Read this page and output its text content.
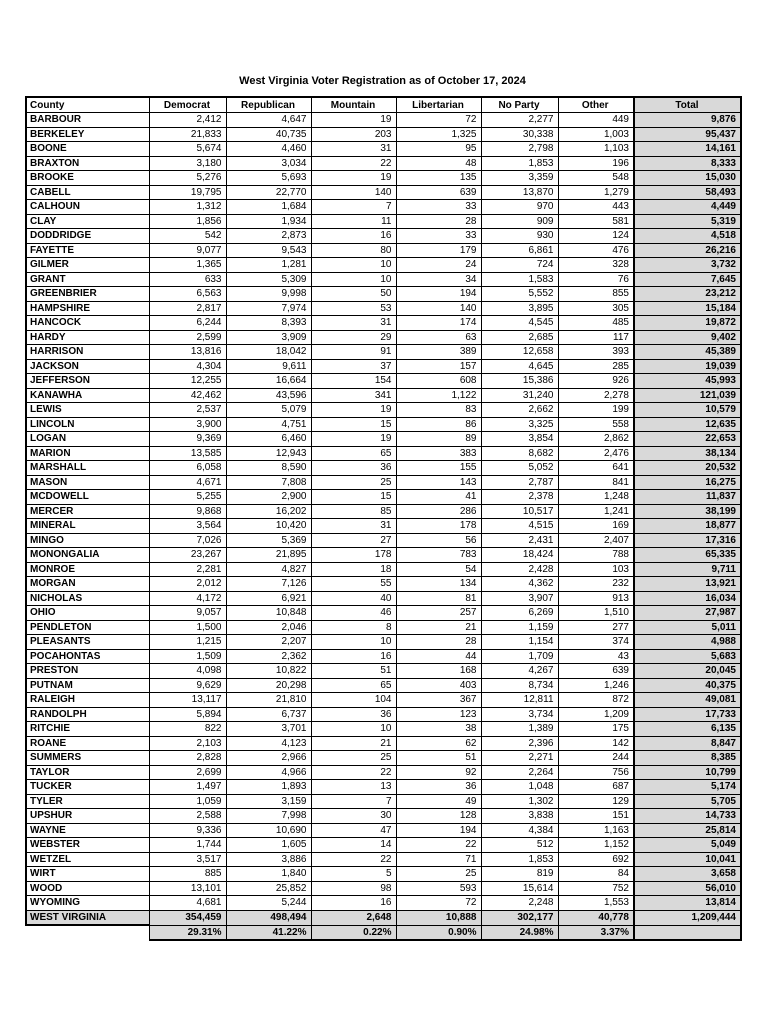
West Virginia Voter Registration as of October 17, 2024
County	Democrat	Republican	Mountain	Libertarian	No Party	Other	Total
BARBOUR	2,412	4,647	19	72	2,277	449	9,876
BERKELEY	21,833	40,735	203	1,325	30,338	1,003	95,437
BOONE	5,674	4,460	31	95	2,798	1,103	14,161
BRAXTON	3,180	3,034	22	48	1,853	196	8,333
BROOKE	5,276	5,693	19	135	3,359	548	15,030
CABELL	19,795	22,770	140	639	13,870	1,279	58,493
CALHOUN	1,312	1,684	7	33	970	443	4,449
CLAY	1,856	1,934	11	28	909	581	5,319
DODDRIDGE	542	2,873	16	33	930	124	4,518
FAYETTE	9,077	9,543	80	179	6,861	476	26,216
GILMER	1,365	1,281	10	24	724	328	3,732
GRANT	633	5,309	10	34	1,583	76	7,645
GREENBRIER	6,563	9,998	50	194	5,552	855	23,212
HAMPSHIRE	2,817	7,974	53	140	3,895	305	15,184
HANCOCK	6,244	8,393	31	174	4,545	485	19,872
HARDY	2,599	3,909	29	63	2,685	117	9,402
HARRISON	13,816	18,042	91	389	12,658	393	45,389
JACKSON	4,304	9,611	37	157	4,645	285	19,039
JEFFERSON	12,255	16,664	154	608	15,386	926	45,993
KANAWHA	42,462	43,596	341	1,122	31,240	2,278	121,039
LEWIS	2,537	5,079	19	83	2,662	199	10,579
LINCOLN	3,900	4,751	15	86	3,325	558	12,635
LOGAN	9,369	6,460	19	89	3,854	2,862	22,653
MARION	13,585	12,943	65	383	8,682	2,476	38,134
MARSHALL	6,058	8,590	36	155	5,052	641	20,532
MASON	4,671	7,808	25	143	2,787	841	16,275
MCDOWELL	5,255	2,900	15	41	2,378	1,248	11,837
MERCER	9,868	16,202	85	286	10,517	1,241	38,199
MINERAL	3,564	10,420	31	178	4,515	169	18,877
MINGO	7,026	5,369	27	56	2,431	2,407	17,316
MONONGALIA	23,267	21,895	178	783	18,424	788	65,335
MONROE	2,281	4,827	18	54	2,428	103	9,711
MORGAN	2,012	7,126	55	134	4,362	232	13,921
NICHOLAS	4,172	6,921	40	81	3,907	913	16,034
OHIO	9,057	10,848	46	257	6,269	1,510	27,987
PENDLETON	1,500	2,046	8	21	1,159	277	5,011
PLEASANTS	1,215	2,207	10	28	1,154	374	4,988
POCAHONTAS	1,509	2,362	16	44	1,709	43	5,683
PRESTON	4,098	10,822	51	168	4,267	639	20,045
PUTNAM	9,629	20,298	65	403	8,734	1,246	40,375
RALEIGH	13,117	21,810	104	367	12,811	872	49,081
RANDOLPH	5,894	6,737	36	123	3,734	1,209	17,733
RITCHIE	822	3,701	10	38	1,389	175	6,135
ROANE	2,103	4,123	21	62	2,396	142	8,847
SUMMERS	2,828	2,966	25	51	2,271	244	8,385
TAYLOR	2,699	4,966	22	92	2,264	756	10,799
TUCKER	1,497	1,893	13	36	1,048	687	5,174
TYLER	1,059	3,159	7	49	1,302	129	5,705
UPSHUR	2,588	7,998	30	128	3,838	151	14,733
WAYNE	9,336	10,690	47	194	4,384	1,163	25,814
WEBSTER	1,744	1,605	14	22	512	1,152	5,049
WETZEL	3,517	3,886	22	71	1,853	692	10,041
WIRT	885	1,840	5	25	819	84	3,658
WOOD	13,101	25,852	98	593	15,614	752	56,010
WYOMING	4,681	5,244	16	72	2,248	1,553	13,814
WEST VIRGINIA	354,459	498,494	2,648	10,888	302,177	40,778	1,209,444
	29.31%	41.22%	0.22%	0.90%	24.98%	3.37%	
